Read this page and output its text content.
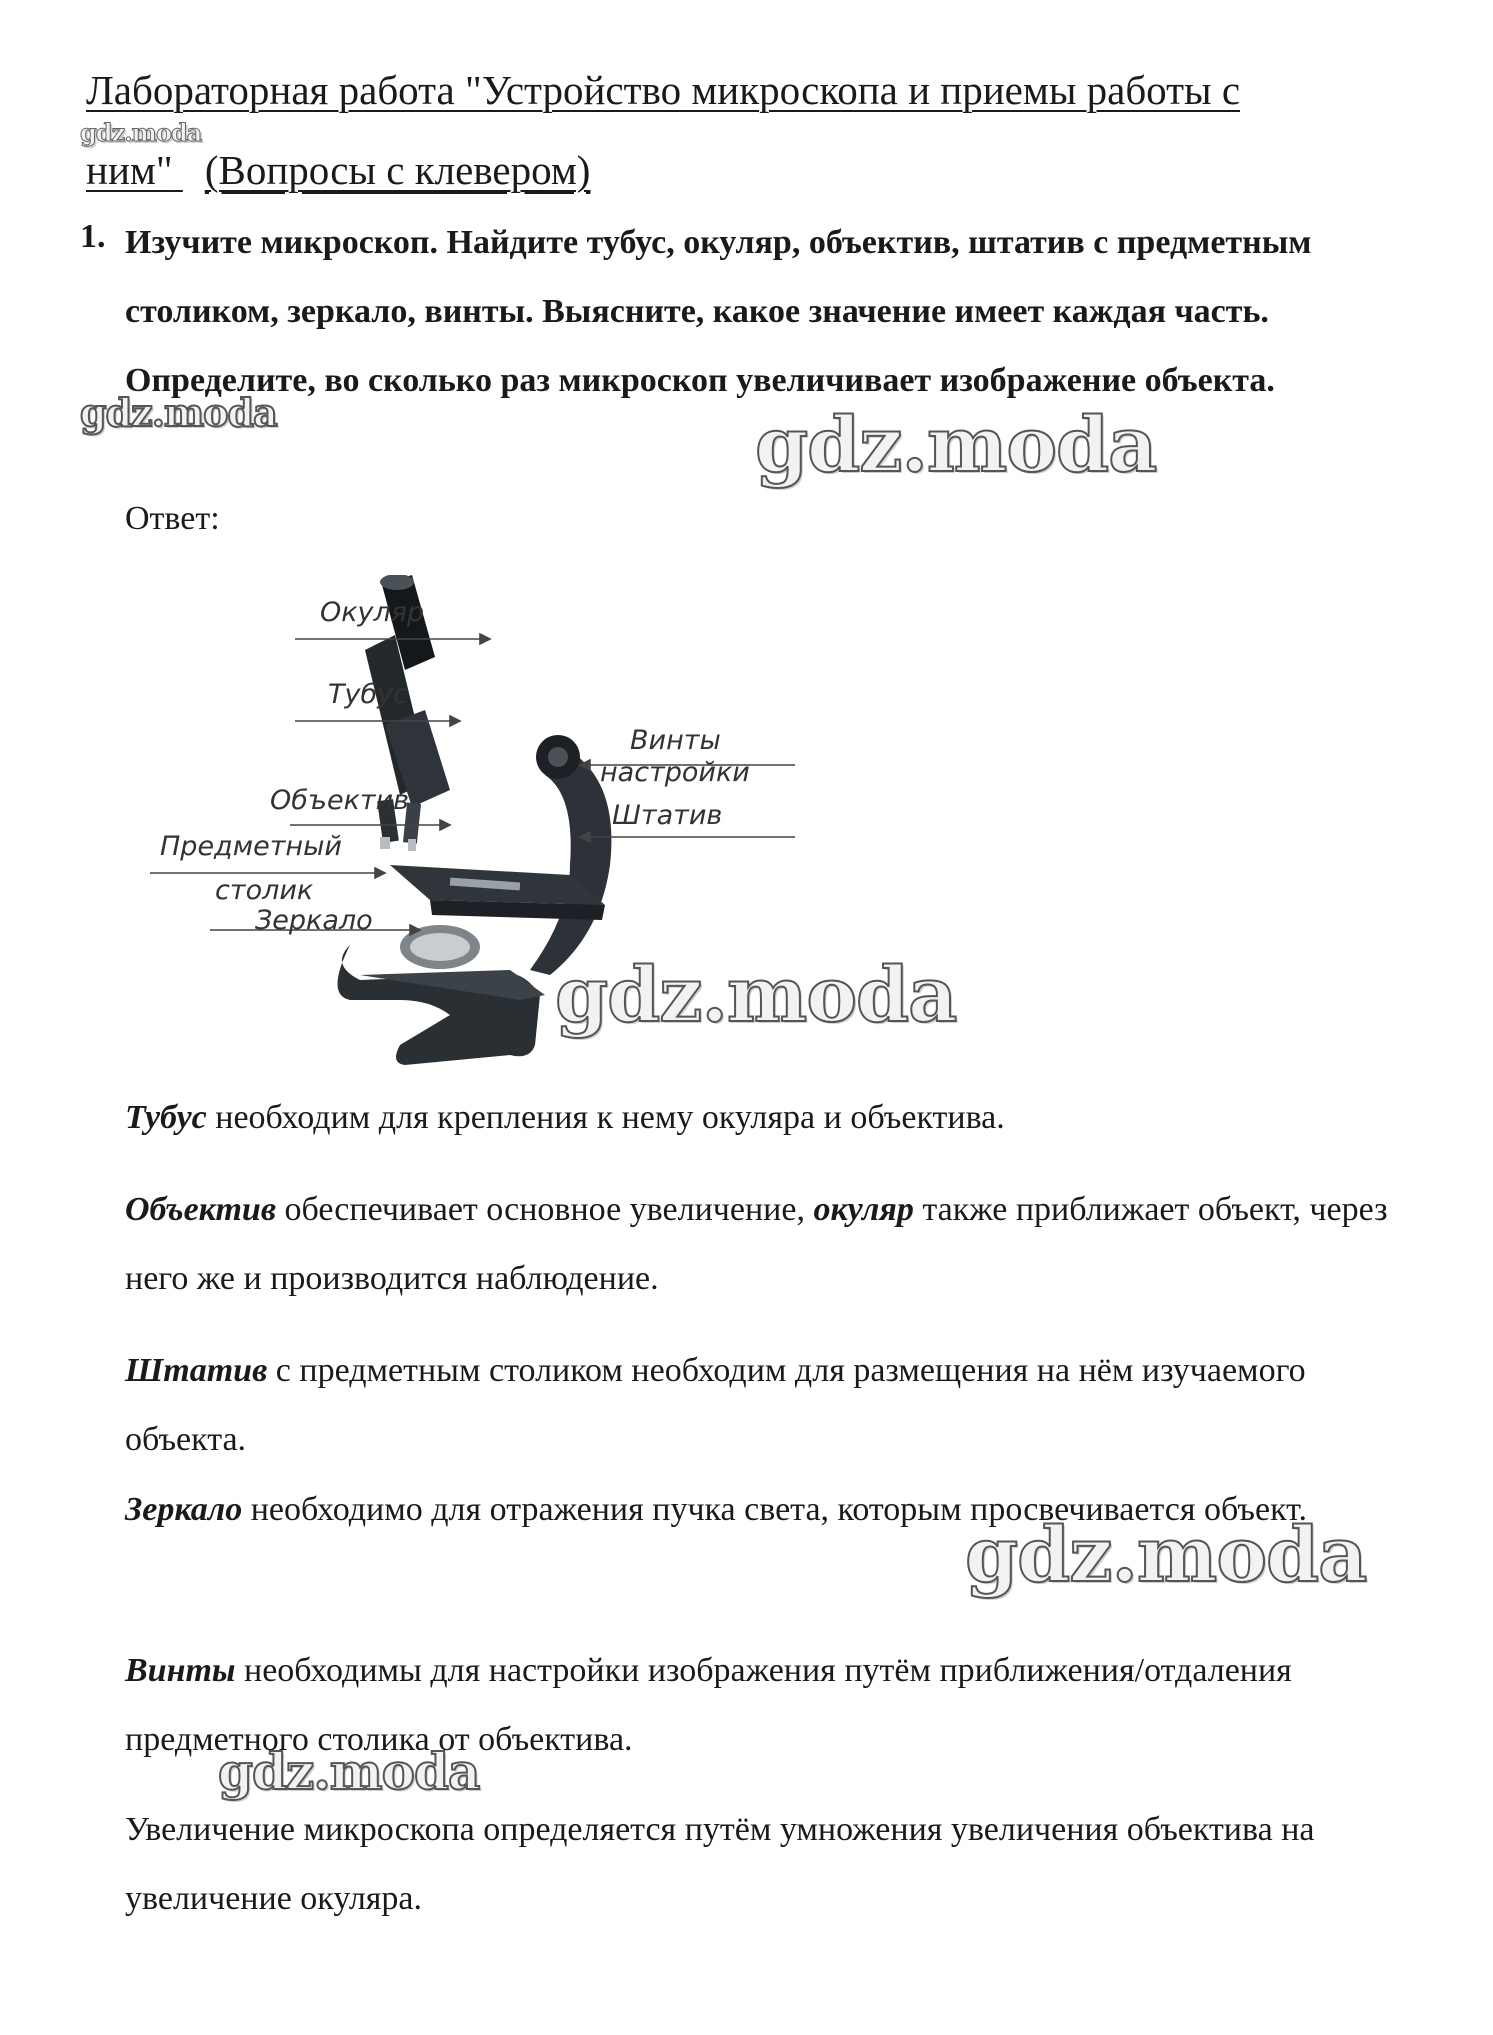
Лабораторная работа "Устройство микроскопа и приемы работы с
ним" (Вопросы с клевером)
1. Изучите микроскоп. Найдите тубус, окуляр, объектив, штатив с предметным столиком, зеркало, винты. Выясните, какое значение имеет каждая часть. Определите, во сколько раз микроскоп увеличивает изображение объекта.
Ответ:
Окуляр
Тубус
Объектив
Предметный
столик
Зеркало
Винты
настройки
Штатив
Тубус необходим для крепления к нему окуляра и объектива.
Объектив обеспечивает основное увеличение, окуляр также приближает объект, через него же и производится наблюдение.
Штатив с предметным столиком необходим для размещения на нём изучаемого объекта.
Зеркало необходимо для отражения пучка света, которым просвечивается объект.
Винты необходимы для настройки изображения путём приближения/отдаления предметного столика от объектива.
Увеличение микроскопа определяется путём умножения увеличения объектива на увеличение окуляра.
gdz.moda
gdz.moda	gdz.moda
gdz.moda
gdz.moda
gdz.moda
